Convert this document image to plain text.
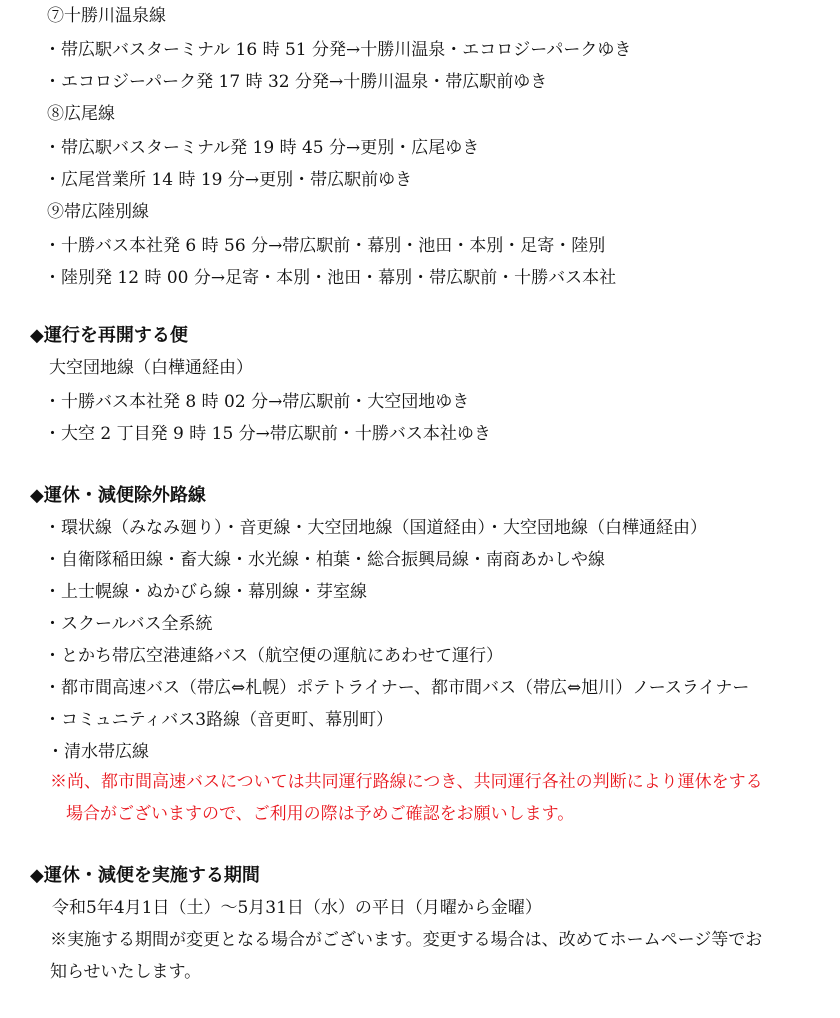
⑦十勝川温泉線
・帯広駅バスターミナル 16 時 51 分発→十勝川温泉・エコロジーパークゆき
・エコロジーパーク発 17 時 32 分発→十勝川温泉・帯広駅前ゆき
⑧広尾線
・帯広駅バスターミナル発 19 時 45 分→更別・広尾ゆき
・広尾営業所 14 時 19 分→更別・帯広駅前ゆき
⑨帯広陸別線
・十勝バス本社発 6 時 56 分→帯広駅前・幕別・池田・本別・足寄・陸別
・陸別発 12 時 00 分→足寄・本別・池田・幕別・帯広駅前・十勝バス本社
◆運行を再開する便
大空団地線（白樺通経由）
・十勝バス本社発 8 時 02 分→帯広駅前・大空団地ゆき
・大空 2 丁目発 9 時 15 分→帯広駅前・十勝バス本社ゆき
◆運休・減便除外路線
・環状線（みなみ廻り）・音更線・大空団地線（国道経由）・大空団地線（白樺通経由）
・自衛隊稲田線・畜大線・水光線・柏葉・総合振興局線・南商あかしや線
・上士幌線・ぬかびら線・幕別線・芽室線
・スクールバス全系統
・とかち帯広空港連絡バス（航空便の運航にあわせて運行）
・都市間高速バス（帯広⇔札幌）ポテトライナー、都市間バス（帯広⇔旭川）ノースライナー
・コミュニティバス3路線（音更町、幕別町）
・清水帯広線
※尚、都市間高速バスについては共同運行路線につき、共同運行各社の判断により運休をする
場合がございますので、ご利用の際は予めご確認をお願いします。
◆運休・減便を実施する期間
令和5年4月1日（土）～5月31日（水）の平日（月曜から金曜）
※実施する期間が変更となる場合がございます。変更する場合は、改めてホームページ等でお
知らせいたします。
